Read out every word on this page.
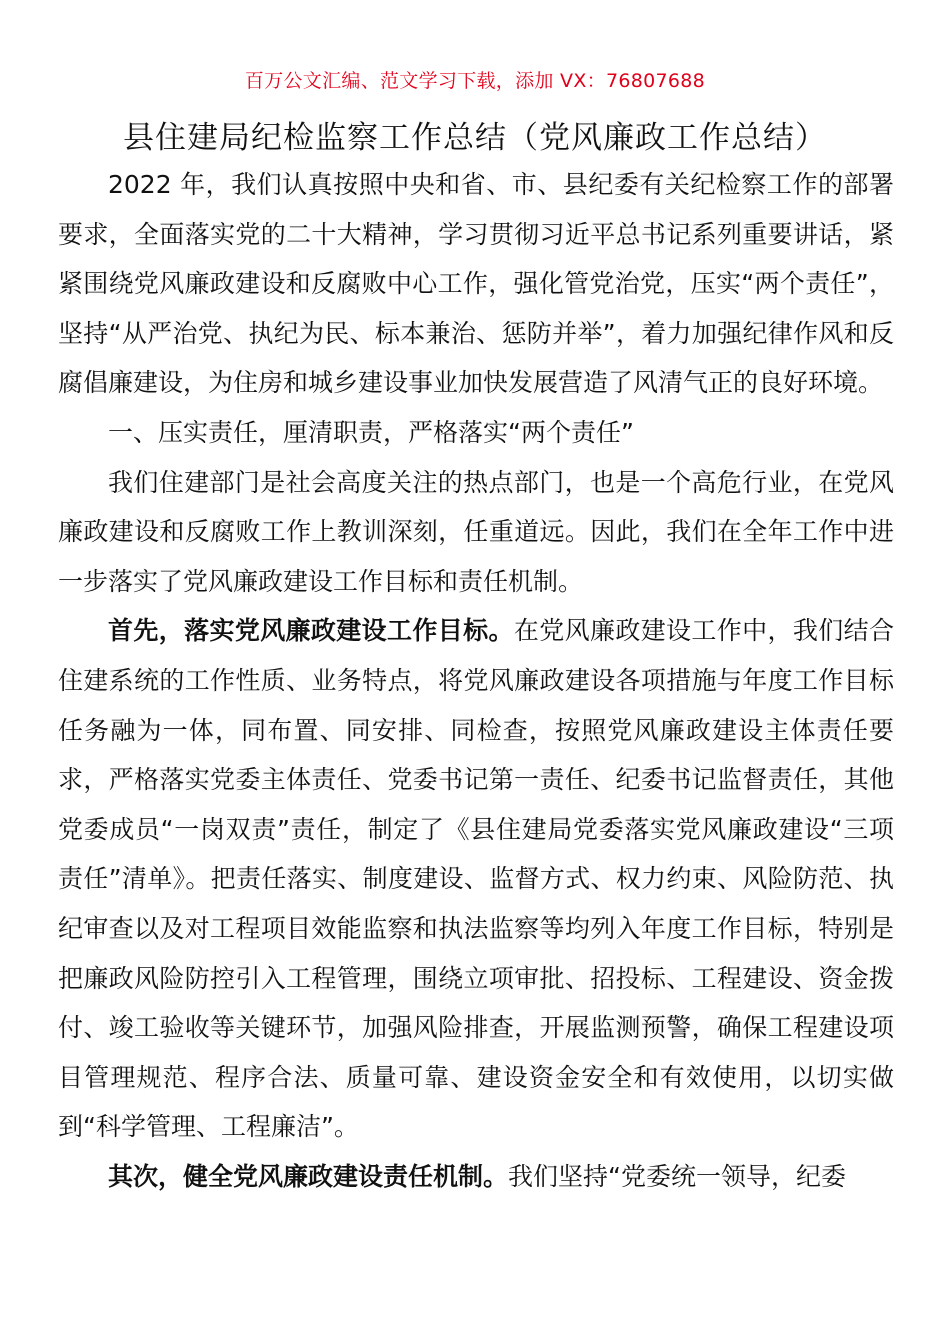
百万公文汇编、范文学习下载，添加 VX：76807688
县住建局纪检监察工作总结（党风廉政工作总结）

2022 年，我们认真按照中央和省、市、县纪委有关纪检察工作的部署要求，全面落实党的二十大精神，学习贯彻习近平总书记系列重要讲话，紧紧围绕党风廉政建设和反腐败中心工作，强化管党治党，压实“两个责任”，坚持“从严治党、执纪为民、标本兼治、惩防并举”，着力加强纪律作风和反腐倡廉建设，为住房和城乡建设事业加快发展营造了风清气正的良好环境。

一、压实责任，厘清职责，严格落实“两个责任”

我们住建部门是社会高度关注的热点部门，也是一个高危行业，在党风廉政建设和反腐败工作上教训深刻，任重道远。因此，我们在全年工作中进一步落实了党风廉政建设工作目标和责任机制。

首先，落实党风廉政建设工作目标。在党风廉政建设工作中，我们结合住建系统的工作性质、业务特点，将党风廉政建设各项措施与年度工作目标任务融为一体，同布置、同安排、同检查，按照党风廉政建设主体责任要求，严格落实党委主体责任、党委书记第一责任、纪委书记监督责任，其他党委成员“一岗双责”责任，制定了《县住建局党委落实党风廉政建设“三项责任”清单》。把责任落实、制度建设、监督方式、权力约束、风险防范、执纪审查以及对工程项目效能监察和执法监察等均列入年度工作目标，特别是把廉政风险防控引入工程管理，围绕立项审批、招投标、工程建设、资金拨付、竣工验收等关键环节，加强风险排查，开展监测预警，确保工程建设项目管理规范、程序合法、质量可靠、建设资金安全和有效使用，以切实做到“科学管理、工程廉洁”。

其次，健全党风廉政建设责任机制。我们坚持“党委统一领导，纪委
